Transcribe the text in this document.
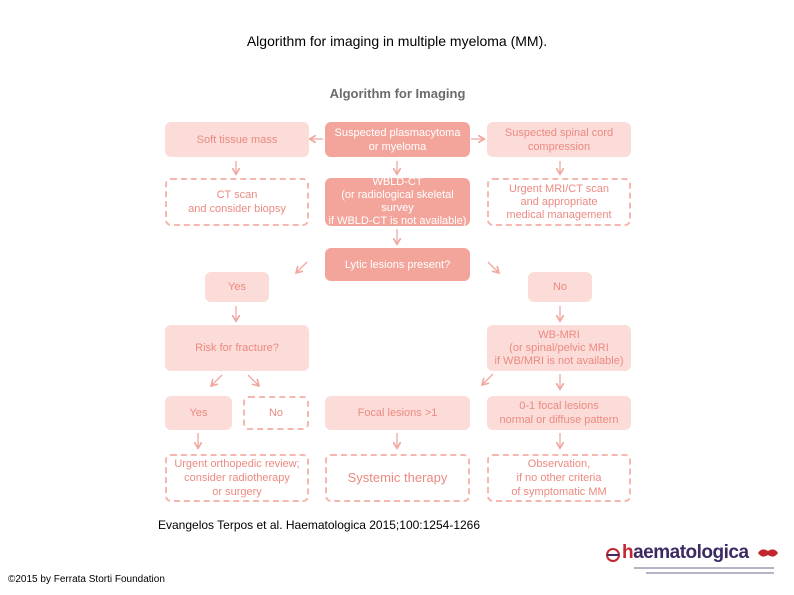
Algorithm for imaging in multiple myeloma (MM).
Algorithm for Imaging
Soft tissue mass
Suspected plasmacytoma
or myeloma
Suspected spinal cord
compression
CT scan
and consider biopsy
WBLD-CT
(or radiological skeletal survey
if WBLD-CT is not available)
Urgent MRI/CT scan
and appropriate
medical management
Lytic lesions present?
Yes	No
Risk for fracture?
WB-MRI
(or spinal/pelvic MRI
if WB/MRI is not available)
Yes	No	Focal lesions >1
0-1 focal lesions
normal or diffuse pattern
Urgent orthopedic review;
consider radiotherapy
or surgery
Systemic therapy
Observation,
if no other criteria
of symptomatic MM
Evangelos Terpos et al. Haematologica 2015;100:1254-1266
©2015 by Ferrata Storti Foundation
haematologica
